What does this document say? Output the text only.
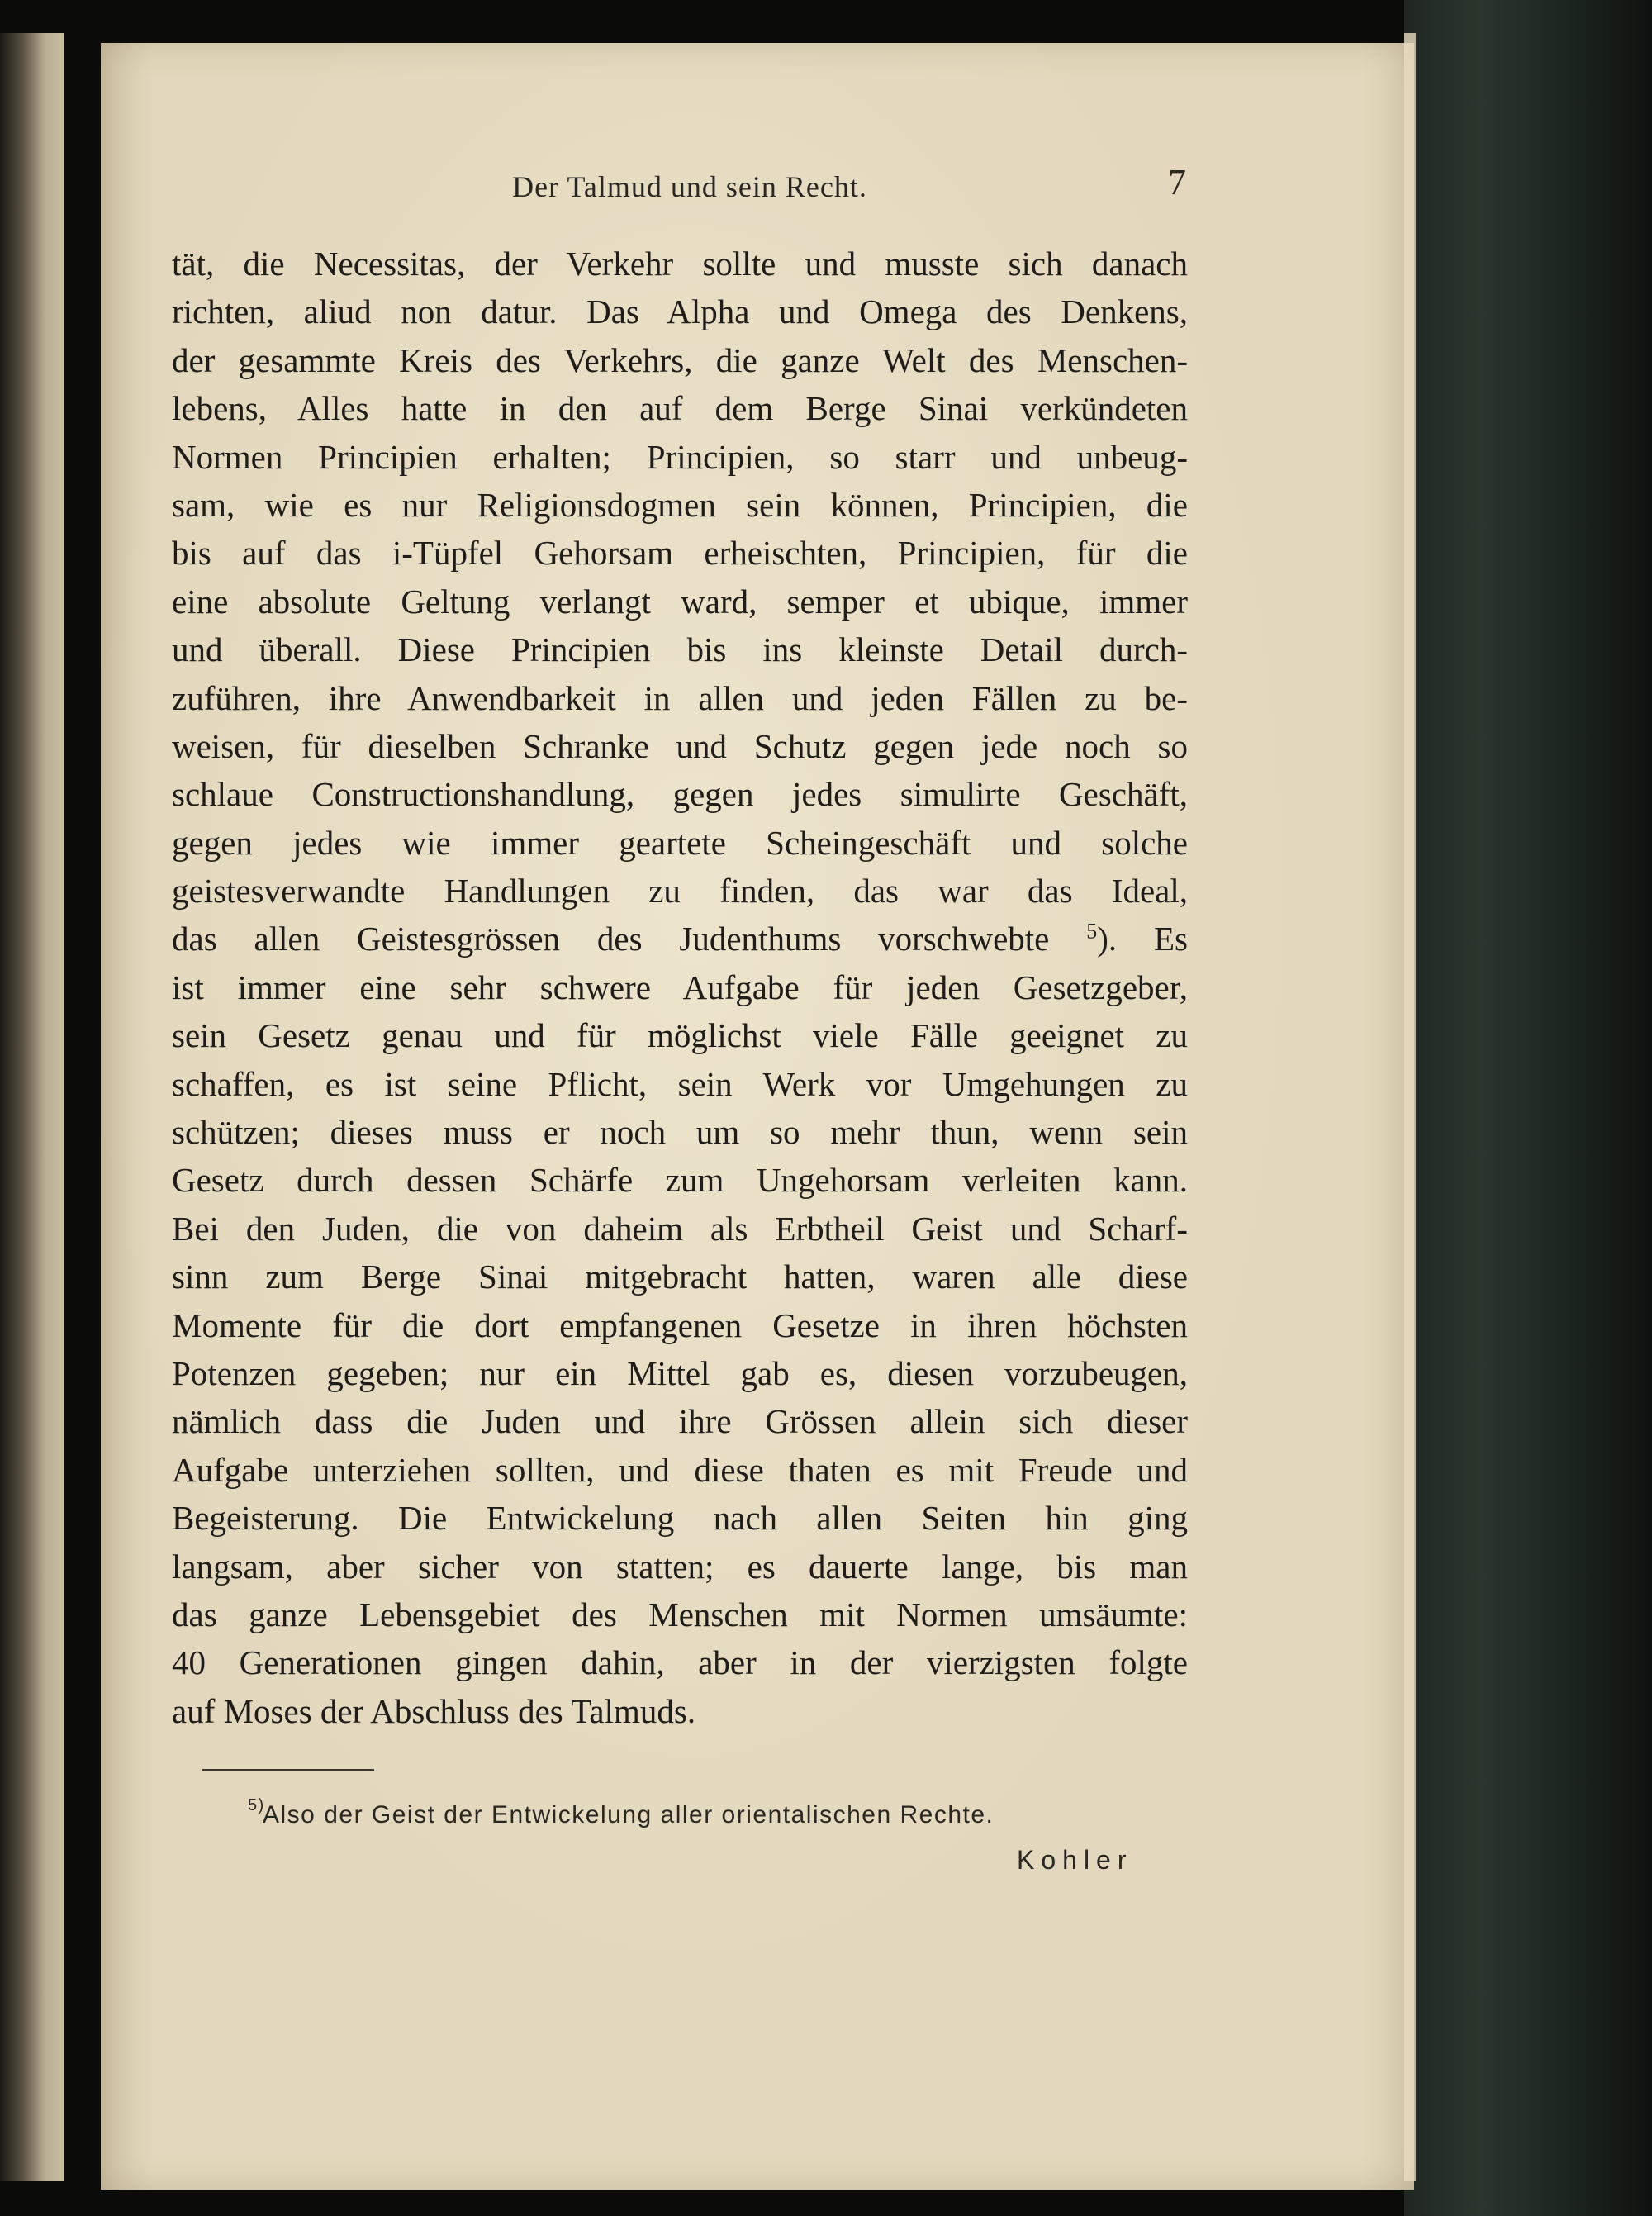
Der Talmud und sein Recht.	7
tät, die Necessitas, der Verkehr sollte und musste sich danach
richten, aliud non datur. Das Alpha und Omega des Denkens,
der gesammte Kreis des Verkehrs, die ganze Welt des Menschen-
lebens, Alles hatte in den auf dem Berge Sinai verkündeten
Normen Principien erhalten; Principien, so starr und unbeug-
sam, wie es nur Religionsdogmen sein können, Principien, die
bis auf das i-Tüpfel Gehorsam erheischten, Principien, für die
eine absolute Geltung verlangt ward, semper et ubique, immer
und überall. Diese Principien bis ins kleinste Detail durch-
zuführen, ihre Anwendbarkeit in allen und jeden Fällen zu be-
weisen, für dieselben Schranke und Schutz gegen jede noch so
schlaue Constructionshandlung, gegen jedes simulirte Geschäft,
gegen jedes wie immer geartete Scheingeschäft und solche
geistesverwandte Handlungen zu finden, das war das Ideal,
das allen Geistesgrössen des Judenthums vorschwebte $^5$). Es
ist immer eine sehr schwere Aufgabe für jeden Gesetzgeber,
sein Gesetz genau und für möglichst viele Fälle geeignet zu
schaffen, es ist seine Pflicht, sein Werk vor Umgehungen zu
schützen; dieses muss er noch um so mehr thun, wenn sein
Gesetz durch dessen Schärfe zum Ungehorsam verleiten kann.
Bei den Juden, die von daheim als Erbtheil Geist und Scharf-
sinn zum Berge Sinai mitgebracht hatten, waren alle diese
Momente für die dort empfangenen Gesetze in ihren höchsten
Potenzen gegeben; nur ein Mittel gab es, diesen vorzubeugen,
nämlich dass die Juden und ihre Grössen allein sich dieser
Aufgabe unterziehen sollten, und diese thaten es mit Freude und
Begeisterung. Die Entwickelung nach allen Seiten hin ging
langsam, aber sicher von statten; es dauerte lange, bis man
das ganze Lebensgebiet des Menschen mit Normen umsäumte:
40 Generationen gingen dahin, aber in der vierzigsten folgte
auf Moses der Abschluss des Talmuds.
5)
Also der Geist der Entwickelung aller orientalischen Rechte.
Kohler
